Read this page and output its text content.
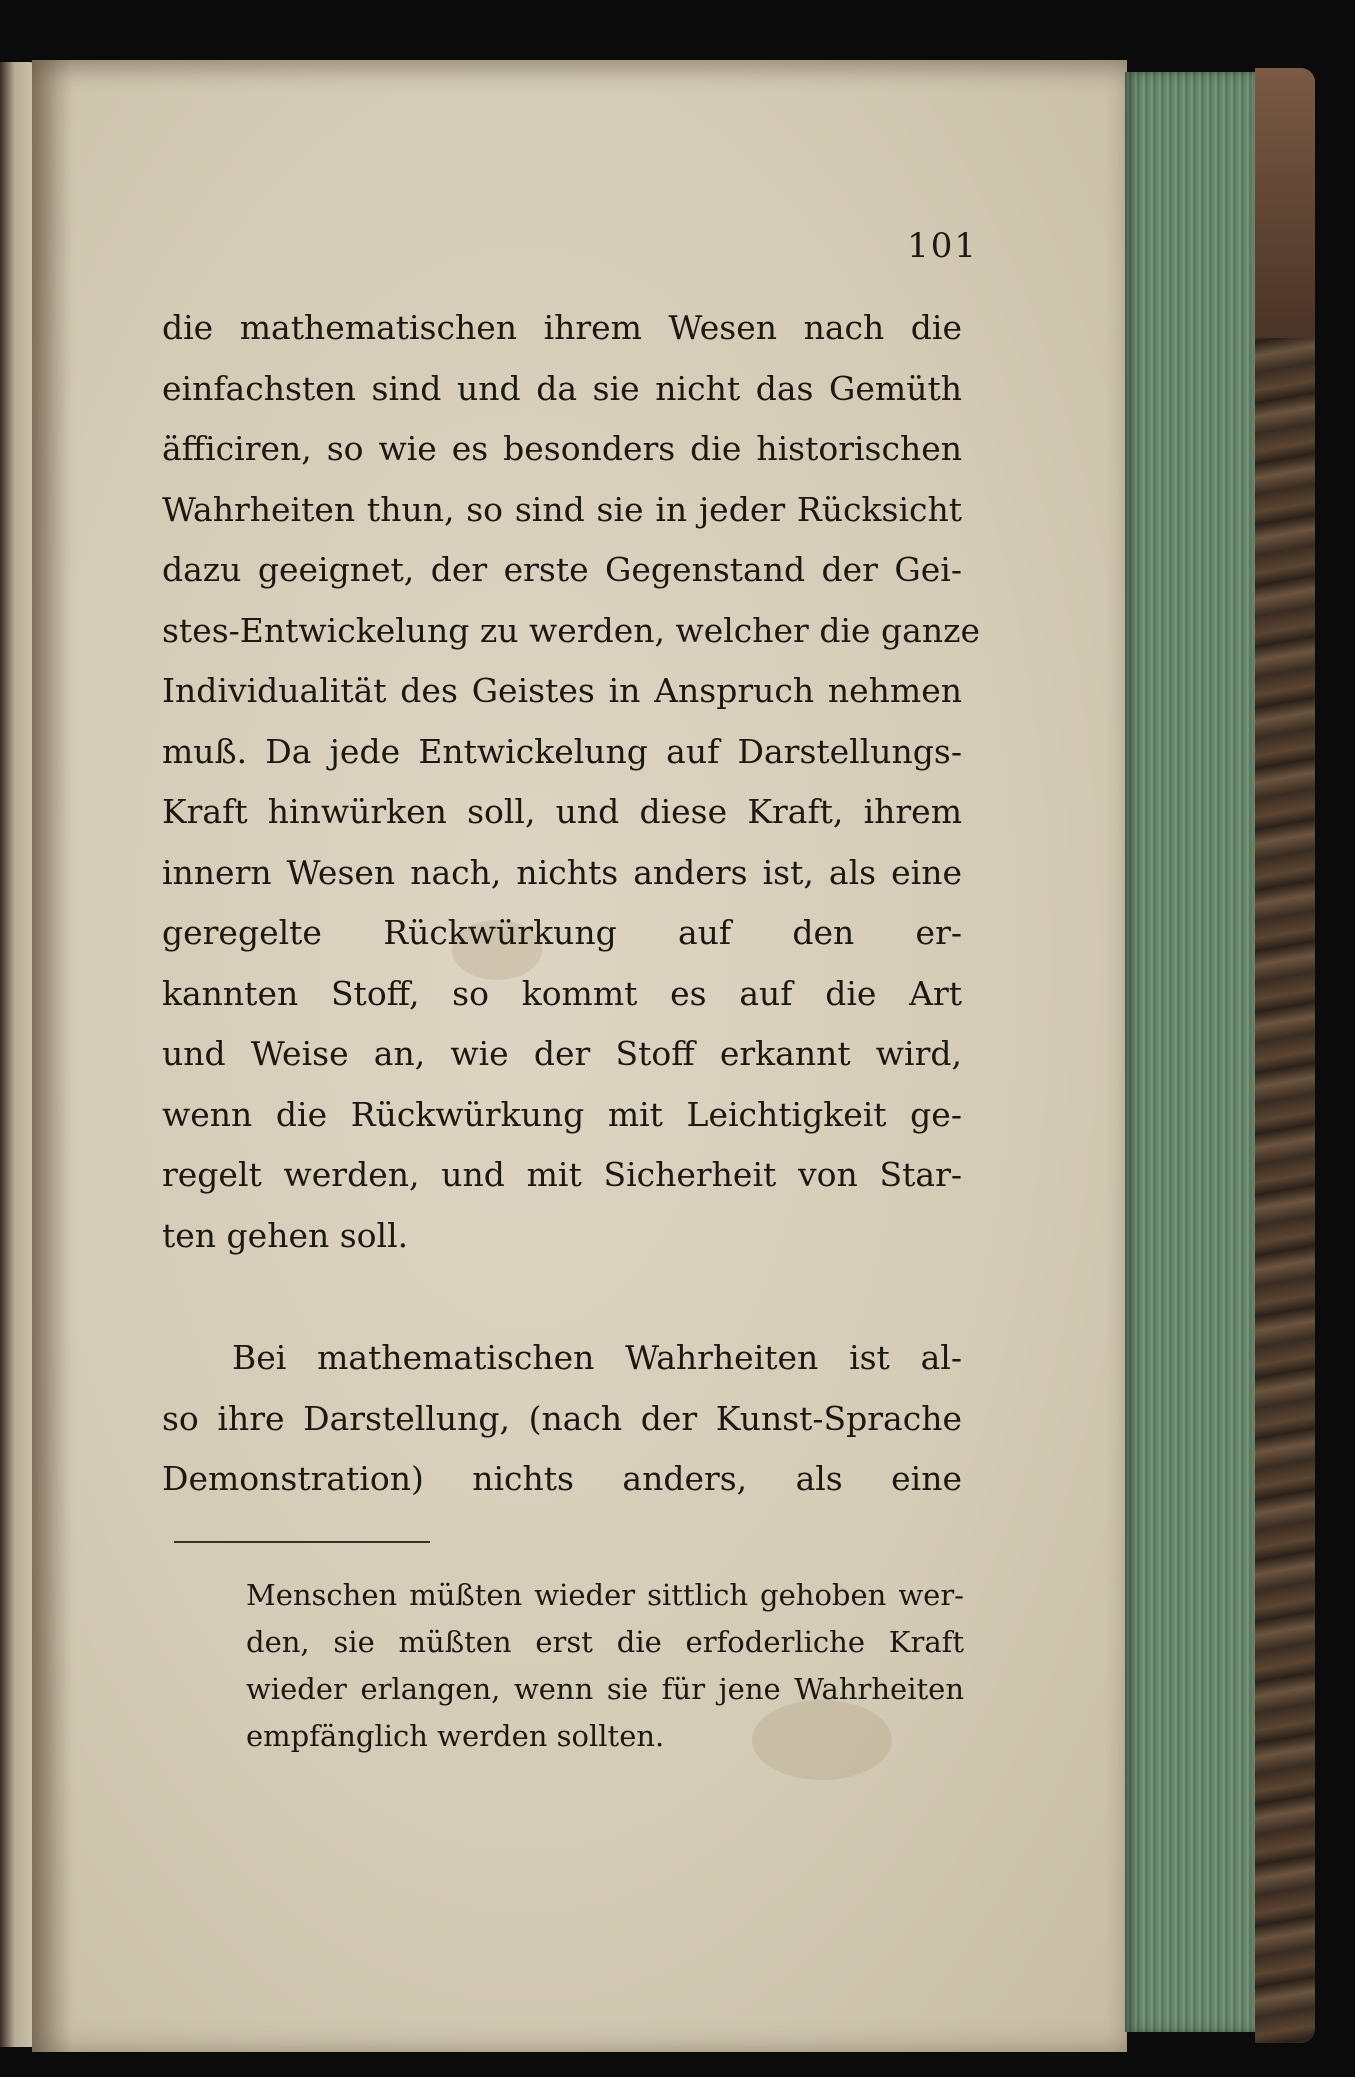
101
die mathematischen ihrem Wesen nach die
einfachsten sind und da sie nicht das Gemüth
äfficiren, so wie es besonders die historischen
Wahrheiten thun, so sind sie in jeder Rücksicht
dazu geeignet, der erste Gegenstand der Gei-
stes-Entwickelung zu werden, welcher die ganze
Individualität des Geistes in Anspruch nehmen
muß. Da jede Entwickelung auf Darstellungs-
Kraft hinwürken soll, und diese Kraft, ihrem
innern Wesen nach, nichts anders ist, als eine
geregelte Rückwürkung auf den er-
kannten Stoff, so kommt es auf die Art
und Weise an, wie der Stoff erkannt wird,
wenn die Rückwürkung mit Leichtigkeit ge-
regelt werden, und mit Sicherheit von Star-
ten gehen soll.
Bei mathematischen Wahrheiten ist al-
so ihre Darstellung, (nach der Kunst-Sprache
Demonstration) nichts anders, als eine
Menschen müßten wieder sittlich gehoben wer-
den, sie müßten erst die erfoderliche Kraft
wieder erlangen, wenn sie für jene Wahrheiten
empfänglich werden sollten.
